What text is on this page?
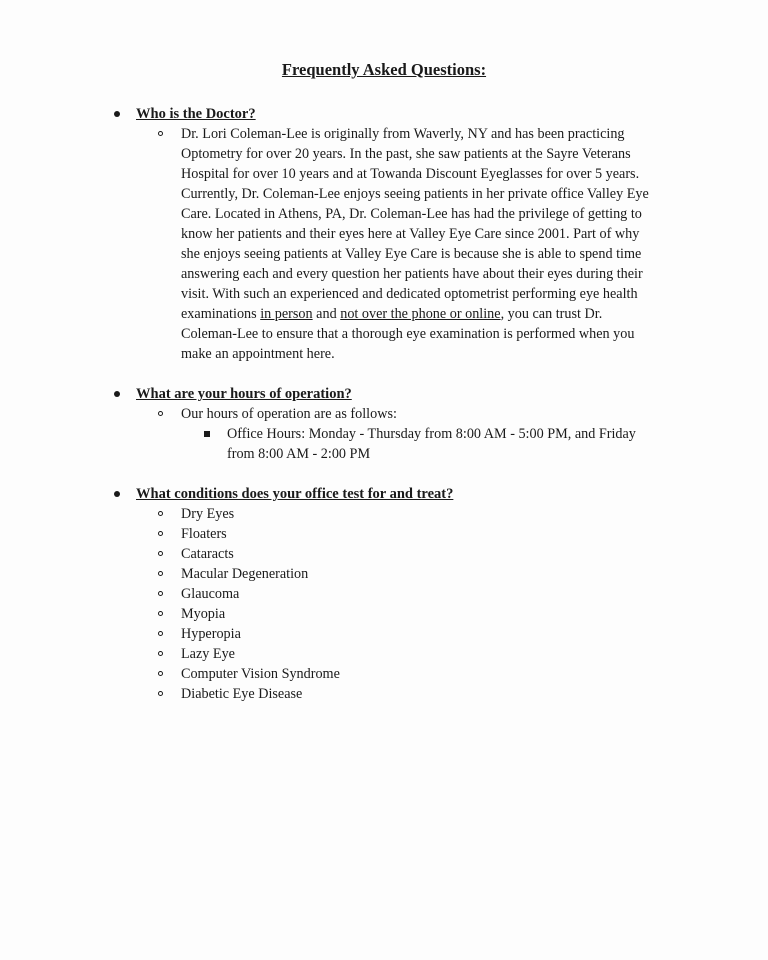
Frequently Asked Questions:
Who is the Doctor?
Dr. Lori Coleman-Lee is originally from Waverly, NY and has been practicing
Optometry for over 20 years. In the past, she saw patients at the Sayre Veterans
Hospital for over 10 years and at Towanda Discount Eyeglasses for over 5 years.
Currently, Dr. Coleman-Lee enjoys seeing patients in her private office Valley Eye
Care. Located in Athens, PA, Dr. Coleman-Lee has had the privilege of getting to
know her patients and their eyes here at Valley Eye Care since 2001. Part of why
she enjoys seeing patients at Valley Eye Care is because she is able to spend time
answering each and every question her patients have about their eyes during their
visit. With such an experienced and dedicated optometrist performing eye health
examinations in person and not over the phone or online, you can trust Dr.
Coleman-Lee to ensure that a thorough eye examination is performed when you
make an appointment here.
What are your hours of operation?
Our hours of operation are as follows:
Office Hours: Monday - Thursday from 8:00 AM - 5:00 PM, and Friday
from 8:00 AM - 2:00 PM
What conditions does your office test for and treat?
Dry Eyes
Floaters
Cataracts
Macular Degeneration
Glaucoma
Myopia
Hyperopia
Lazy Eye
Computer Vision Syndrome
Diabetic Eye Disease
